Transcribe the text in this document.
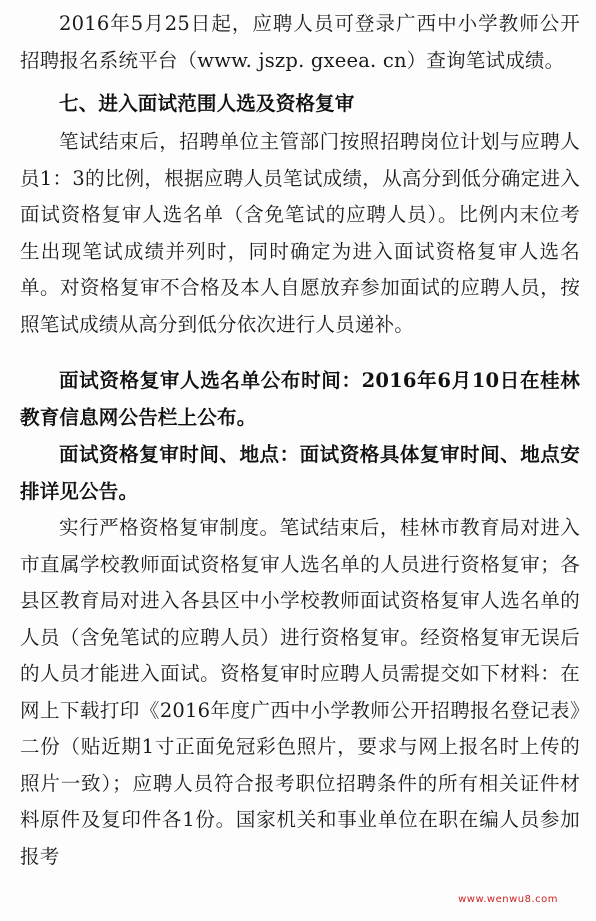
2016年5月25日起，应聘人员可登录广西中小学教师公开招聘报名系统平台（www. jszp. gxeea. cn）查询笔试成绩。

七、进入面试范围人选及资格复审

笔试结束后，招聘单位主管部门按照招聘岗位计划与应聘人员1：3的比例，根据应聘人员笔试成绩，从高分到低分确定进入面试资格复审人选名单（含免笔试的应聘人员）。比例内末位考生出现笔试成绩并列时，同时确定为进入面试资格复审人选名单。对资格复审不合格及本人自愿放弃参加面试的应聘人员，按照笔试成绩从高分到低分依次进行人员递补。

面试资格复审人选名单公布时间：2016年6月10日在桂林教育信息网公告栏上公布。

面试资格复审时间、地点：面试资格具体复审时间、地点安排详见公告。

实行严格资格复审制度。笔试结束后，桂林市教育局对进入市直属学校教师面试资格复审人选名单的人员进行资格复审；各县区教育局对进入各县区中小学校教师面试资格复审人选名单的人员（含免笔试的应聘人员）进行资格复审。经资格复审无误后的人员才能进入面试。资格复审时应聘人员需提交如下材料：在网上下载打印《2016年度广西中小学教师公开招聘报名登记表》二份（贴近期1寸正面免冠彩色照片，要求与网上报名时上传的照片一致）；应聘人员符合报考职位招聘条件的所有相关证件材料原件及复印件各1份。国家机关和事业单位在职在编人员参加报考

www.wenwu8.com
